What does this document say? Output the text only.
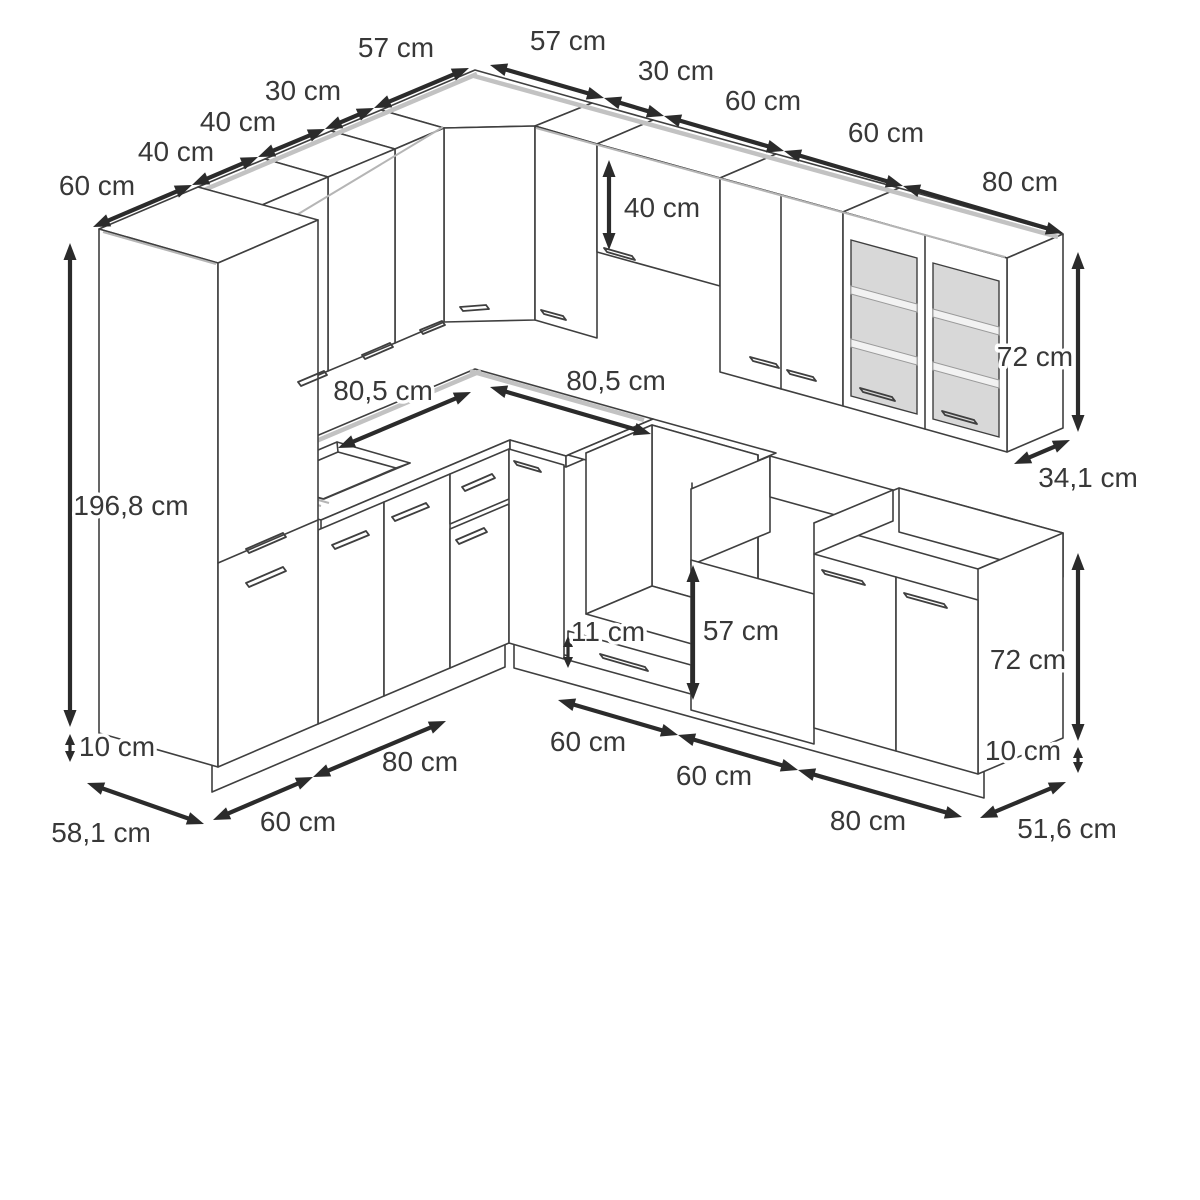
60 cm
40 cm
40 cm
30 cm
57 cm	57 cm
30 cm
60 cm
60 cm
80 cm
40 cm
72 cm
34,1 cm
196,8 cm
10 cm
11 cm 57 cm
72 cm
10 cm
80,5 cm	80,5 cm
60 cm
80 cm
58,1 cm
60 cm
60 cm
80 cm	51,6 cm
